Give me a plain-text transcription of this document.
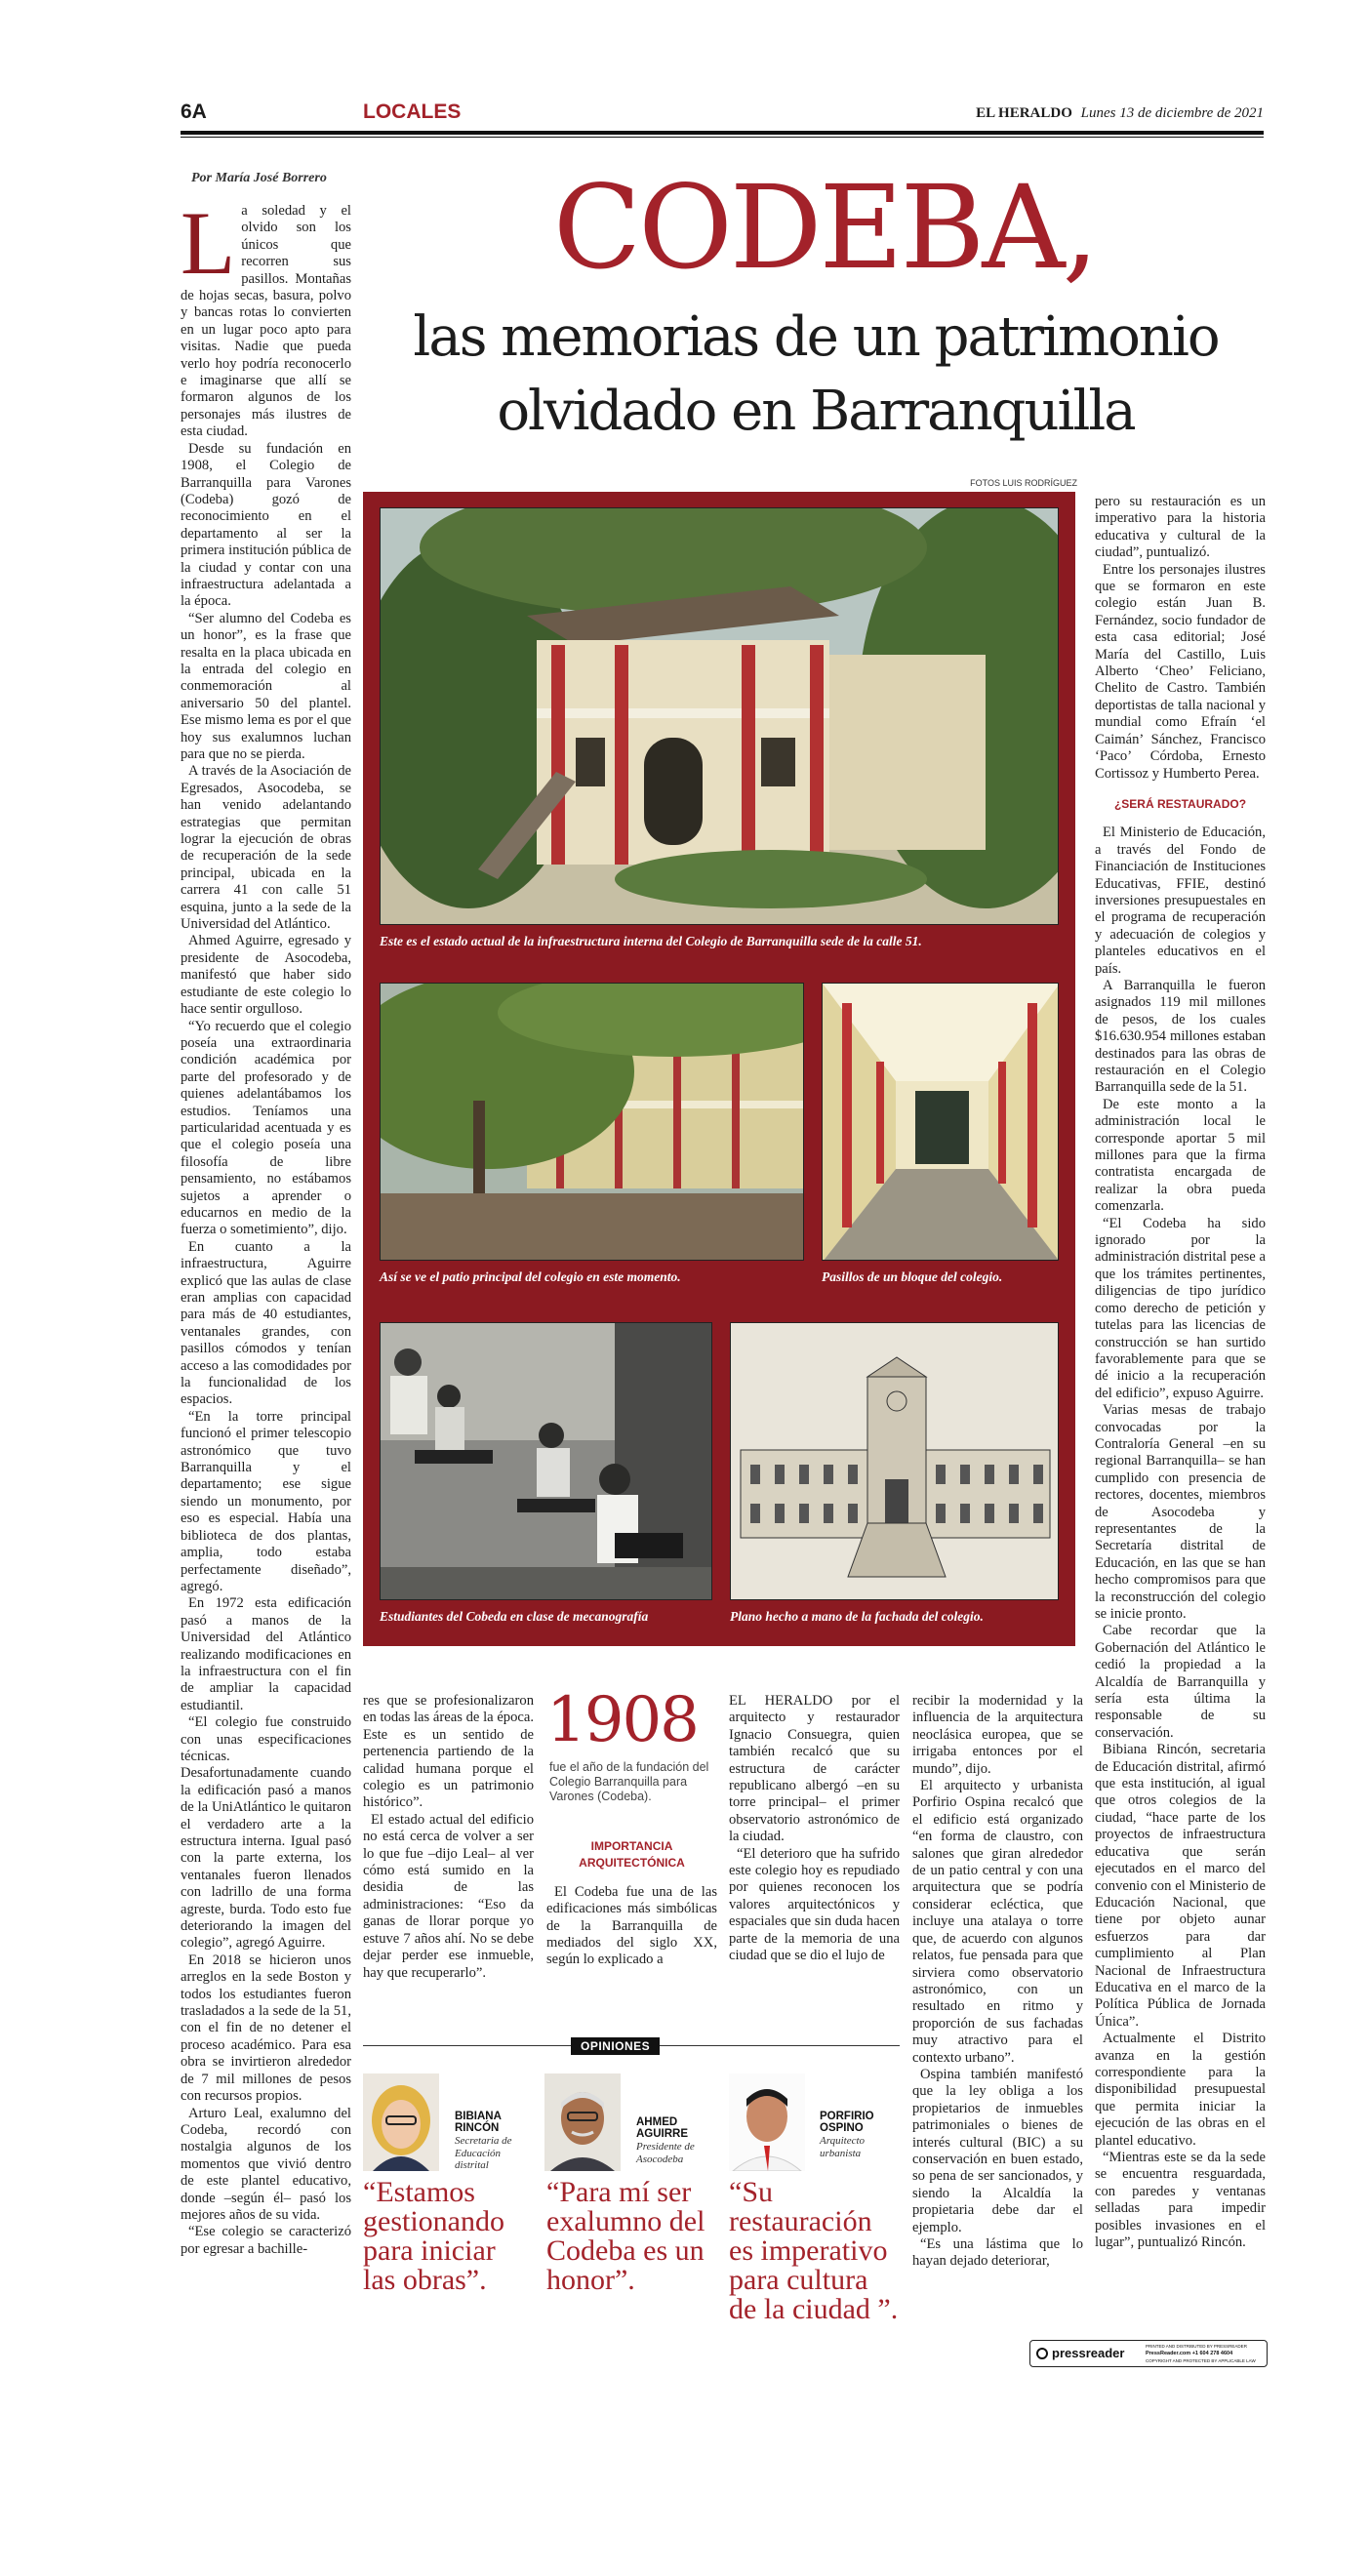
6A	LOCALES	EL HERALDO Lunes 13 de diciembre de 2021
Por María José Borrero	CODEBA,
las memorias de un patrimonio
olvidado en Barranquilla
FOTOS LUIS RODRÍGUEZ
Este es el estado actual de la infraestructura interna del Colegio de Barranquilla sede de la calle 51.
Así se ve el patio principal del colegio en este momento.	Pasillos de un bloque del colegio.
Estudiantes del Cobeda en clase de mecanografía	Plano hecho a mano de la fachada del colegio.

La soledad y el olvido son los únicos que recorren sus pasillos. Montañas de hojas secas, basura, polvo y bancas rotas lo convierten en un lugar poco apto para visitas. Nadie que pueda verlo hoy podría reconocerlo e imaginarse que allí se formaron algunos de los personajes más ilustres de esta ciudad.

Desde su fundación en 1908, el Colegio de Barranquilla para Varones (Codeba) gozó de reconocimiento en el departamento al ser la primera institución pública de la ciudad y contar con una infraestructura adelantada a la época.

“Ser alumno del Codeba es un honor”, es la frase que resalta en la placa ubicada en la entrada del colegio en conmemoración al aniversario 50 del plantel. Ese mismo lema es por el que hoy sus exalumnos luchan para que no se pierda.

A través de la Asociación de Egresados, Asocodeba, se han venido adelantando estrategias que permitan lograr la ejecución de obras de recuperación de la sede principal, ubicada en la carrera 41 con calle 51 esquina, junto a la sede de la Universidad del Atlántico.

Ahmed Aguirre, egresado y presidente de Asocodeba, manifestó que haber sido estudiante de este colegio lo hace sentir orgulloso.

“Yo recuerdo que el colegio poseía una extraordinaria condición académica por parte del profesorado y de quienes adelantábamos los estudios. Teníamos una particularidad acentuada y es que el colegio poseía una filosofía de libre pensamiento, no estábamos sujetos a aprender o educarnos en medio de la fuerza o sometimiento”, dijo.

En cuanto a la infraestructura, Aguirre explicó que las aulas de clase eran amplias con capacidad para más de 40 estudiantes, ventanales grandes, con pasillos cómodos y tenían acceso a las comodidades por la funcionalidad de los espacios.

“En la torre principal funcionó el primer telescopio astronómico que tuvo Barranquilla y el departamento; ese sigue siendo un monumento, por eso es especial. Había una biblioteca de dos plantas, amplia, todo estaba perfectamente diseñado”, agregó.

En 1972 esta edificación pasó a manos de la Universidad del Atlántico realizando modificaciones en la infraestructura con el fin de ampliar la capacidad estudiantil.

“El colegio fue construido con unas especificaciones técnicas. Desafortunadamente cuando la edificación pasó a manos de la UniAtlántico le quitaron el verdadero arte a la estructura interna. Igual pasó con la parte externa, los ventanales fueron llenados con ladrillo de una forma agreste, burda. Todo esto fue deteriorando la imagen del colegio”, agregó Aguirre.

En 2018 se hicieron unos arreglos en la sede Boston y todos los estudiantes fueron trasladados a la sede de la 51, con el fin de no detener el proceso académico. Para esa obra se invirtieron alrededor de 7 mil millones de pesos con recursos propios.

Arturo Leal, exalumno del Codeba, recordó con nostalgia algunos de los momentos que vivió dentro de este plantel educativo, donde –según él– pasó los mejores años de su vida.

“Ese colegio se caracterizó por egresar a bachille-

res que se profesionalizaron en todas las áreas de la época. Este es un sentido de pertenencia partiendo de la calidad humana porque el colegio es un patrimonio histórico”.

El estado actual del edificio no está cerca de volver a ser lo que fue –dijo Leal– al ver cómo está sumido en la desidia de las administraciones: “Eso da ganas de llorar porque yo estuve 7 años ahí. No se debe dejar perder ese inmueble, hay que recuperarlo”.

1908
fue el año de la fundación del Colegio Barranquilla para Varones (Codeba).

IMPORTANCIA ARQUITECTÓNICA

El Codeba fue una de las edificaciones más simbólicas de la Barranquilla de mediados del siglo XX, según lo explicado a

EL HERALDO por el arquitecto y restaurador Ignacio Consuegra, quien también recalcó que su estructura de carácter republicano albergó –en su torre principal– el primer observatorio astronómico de la ciudad.

“El deterioro que ha sufrido este colegio hoy es repudiado por quienes reconocen los valores arquitectónicos y espaciales que sin duda hacen parte de la memoria de una ciudad que se dio el lujo de

recibir la modernidad y la influencia de la arquitectura neoclásica europea, que se irrigaba entonces por el mundo”, dijo.

El arquitecto y urbanista Porfirio Ospina recalcó que el edificio está organizado “en forma de claustro, con salones que giran alrededor de un patio central y con una arquitectura que se podría considerar ecléctica, que incluye una atalaya o torre que, de acuerdo con algunos relatos, fue pensada para que sirviera como observatorio astronómico, con un resultado en ritmo y proporción de sus fachadas muy atractivo para el contexto urbano”.

Ospina también manifestó que la ley obliga a los propietarios de inmuebles patrimoniales o bienes de interés cultural (BIC) a su conservación en buen estado, so pena de ser sancionados, y siendo la Alcaldía la propietaria debe dar el ejemplo.

“Es una lástima que lo hayan dejado deteriorar,

pero su restauración es un imperativo para la historia educativa y cultural de la ciudad”, puntualizó.

Entre los personajes ilustres que se formaron en este colegio están Juan B. Fernández, socio fundador de esta casa editorial; José María del Castillo, Luis Alberto ‘Cheo’ Feliciano, Chelito de Castro. También deportistas de talla nacional y mundial como Efraín ‘el Caimán’ Sánchez, Francisco ‘Paco’ Córdoba, Ernesto Cortissoz y Humberto Perea.

¿SERÁ RESTAURADO?

El Ministerio de Educación, a través del Fondo de Financiación de Instituciones Educativas, FFIE, destinó inversiones presupuestales en el programa de recuperación y adecuación de colegios y planteles educativos en el país.

A Barranquilla le fueron asignados 119 mil millones de pesos, de los cuales $16.630.954 millones estaban destinados para las obras de restauración en el Colegio Barranquilla sede de la 51.

De este monto a la administración local le corresponde aportar 5 mil millones para que la firma contratista encargada de realizar la obra pueda comenzarla.

“El Codeba ha sido ignorado por la administración distrital pese a que los trámites pertinentes, diligencias de tipo jurídico como derecho de petición y tutelas para las licencias de construcción se han surtido favorablemente para que se dé inicio a la recuperación del edificio”, expuso Aguirre.

Varias mesas de trabajo convocadas por la Contraloría General –en su regional Barranquilla– se han cumplido con presencia de rectores, docentes, miembros de Asocodeba y representantes de la Secretaría distrital de Educación, en las que se han hecho compromisos para que la reconstrucción del colegio se inicie pronto.

Cabe recordar que la Gobernación del Atlántico le cedió la propiedad a la Alcaldía de Barranquilla y sería esta última la responsable de su conservación.

Bibiana Rincón, secretaria de Educación distrital, afirmó que esta institución, al igual que otros colegios de la ciudad, “hace parte de los proyectos de infraestructura educativa que serán ejecutados en el marco del convenio con el Ministerio de Educación Nacional, que tiene por objeto aunar esfuerzos para dar cumplimiento al Plan Nacional de Infraestructura Educativa en el marco de la Política Pública de Jornada Única”.

Actualmente el Distrito avanza en la gestión correspondiente para la disponibilidad presupuestal que permita iniciar la ejecución de las obras en el plantel educativo.

“Mientras este se da la sede se encuentra resguardada, con paredes y ventanas selladas para impedir posibles invasiones en el lugar”, puntualizó Rincón.

OPINIONES
BIBIANA
RINCÓN
Secretaria de Educación distrital
“Estamos gestionando para iniciar las obras”.
AHMED
AGUIRRE
Presidente de Asocodeba
“Para mí ser exalumno del Codeba es un honor”.
PORFIRIO
OSPINO
Arquitecto urbanista
“Su restauración es imperativo para cultura de la ciudad ”.
pressreader	PRINTED AND DISTRIBUTED BY PRESSREADER
PressReader.com +1 604 278 4604
COPYRIGHT AND PROTECTED BY APPLICABLE LAW
